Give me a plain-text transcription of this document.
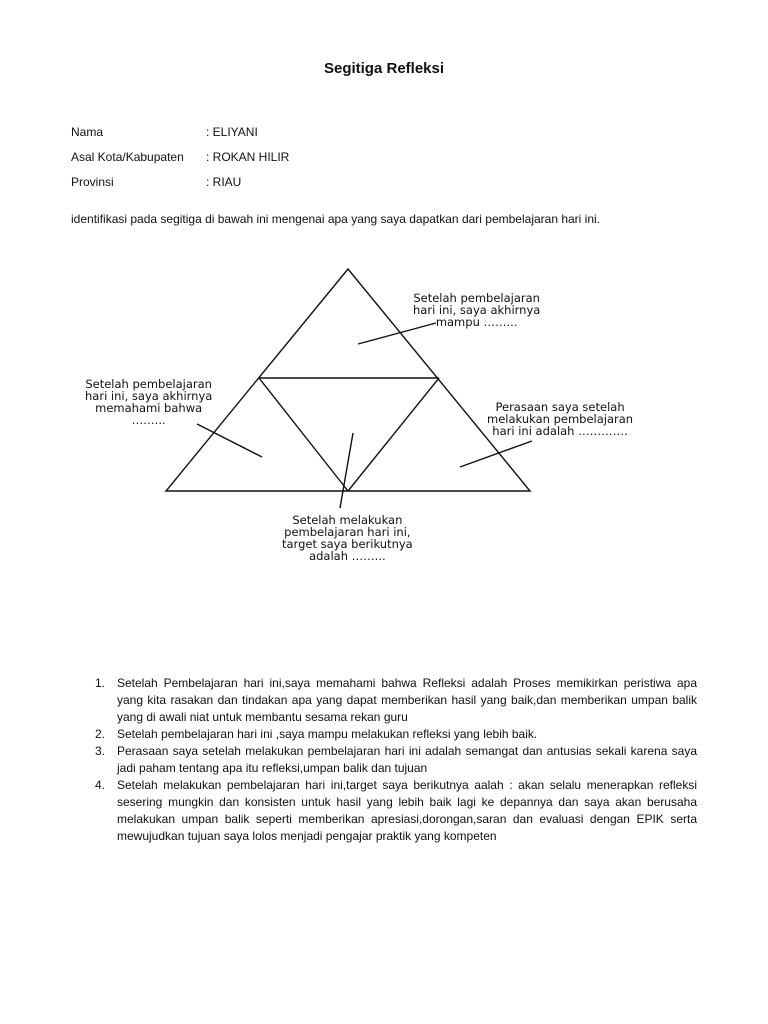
Segitiga Refleksi
Nama	: ELIYANI
Asal Kota/Kabupaten : ROKAN HILIR
Provinsi	: RIAU
identifikasi pada segitiga di bawah ini mengenai apa yang saya dapatkan dari pembelajaran hari ini.
Setelah pembelajaran
hari ini, saya akhirnya
mampu ……...
Setelah pembelajaran
hari ini, saya akhirnya
memahami bahwa
……...
Perasaan saya setelah
melakukan pembelajaran
hari ini adalah ………….
Setelah melakukan
pembelajaran hari ini,
target saya berikutnya
adalah ……...
1. Setelah Pembelajaran hari ini,saya memahami bahwa Refleksi adalah Proses memikirkan peristiwa apa yang kita rasakan dan tindakan apa yang dapat memberikan hasil yang baik,dan memberikan umpan balik yang di awali niat untuk membantu sesama rekan guru
2. Setelah pembelajaran hari ini ,saya mampu melakukan refleksi yang lebih baik.
3. Perasaan saya setelah melakukan pembelajaran hari ini adalah semangat dan antusias sekali karena saya jadi paham tentang apa itu refleksi,umpan balik dan tujuan
4. Setelah melakukan pembelajaran hari ini,target saya berikutnya aalah : akan selalu menerapkan refleksi sesering mungkin dan konsisten untuk hasil yang lebih baik lagi ke depannya dan saya akan berusaha melakukan umpan balik seperti memberikan apresiasi,dorongan,saran dan evaluasi dengan EPIK serta mewujudkan tujuan saya lolos menjadi pengajar praktik yang kompeten
